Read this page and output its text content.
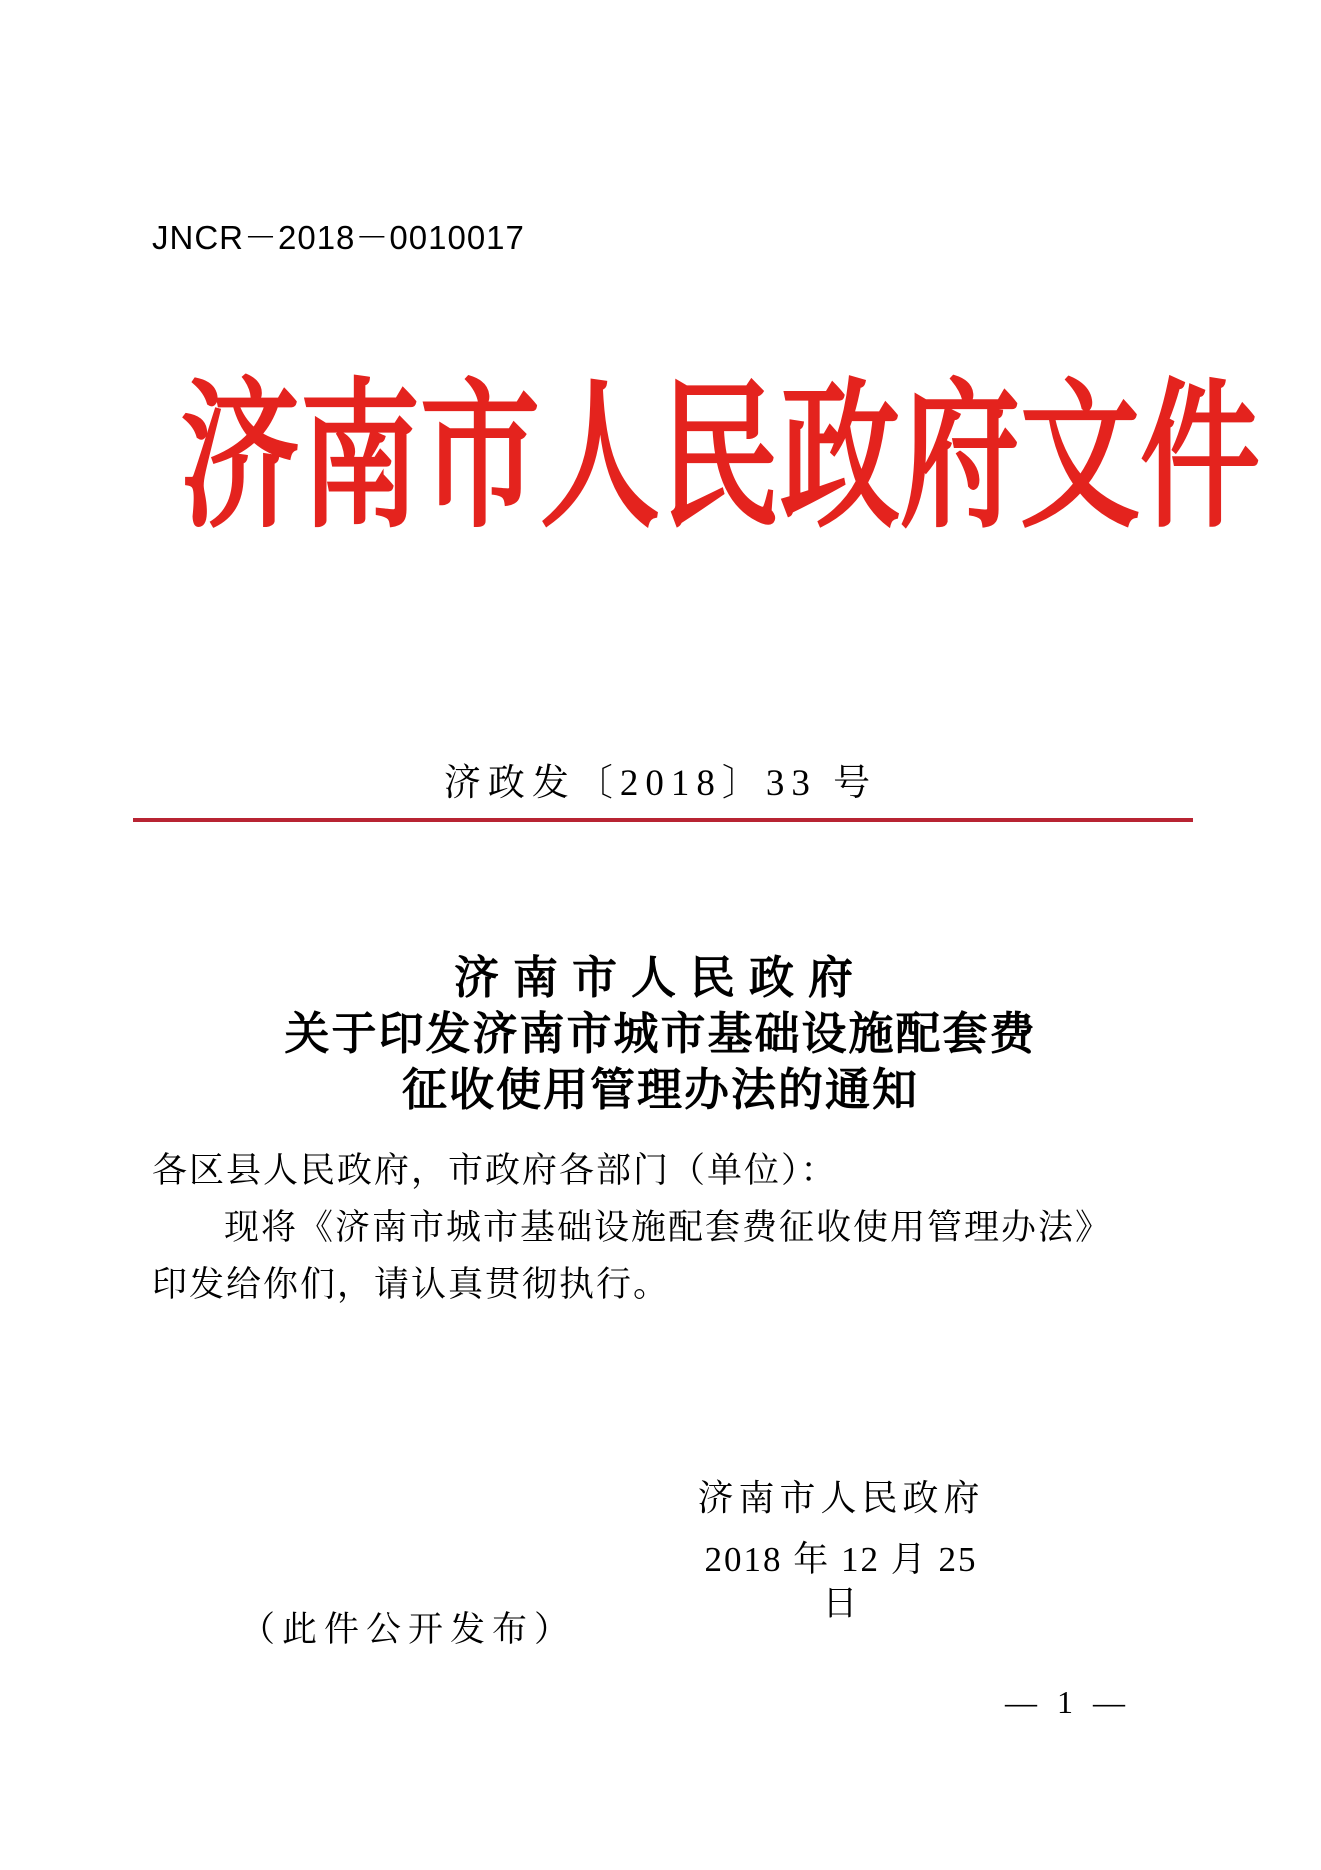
JNCR－2018－0010017
济南市人民政府文件
济政发〔2018〕33 号
济南市人民政府
关于印发济南市城市基础设施配套费
征收使用管理办法的通知
各区县人民政府，市政府各部门（单位）：
现将《济南市城市基础设施配套费征收使用管理办法》
印发给你们，请认真贯彻执行。
济南市人民政府
2018 年 12 月 25 日
（此件公开发布）
— 1 —
